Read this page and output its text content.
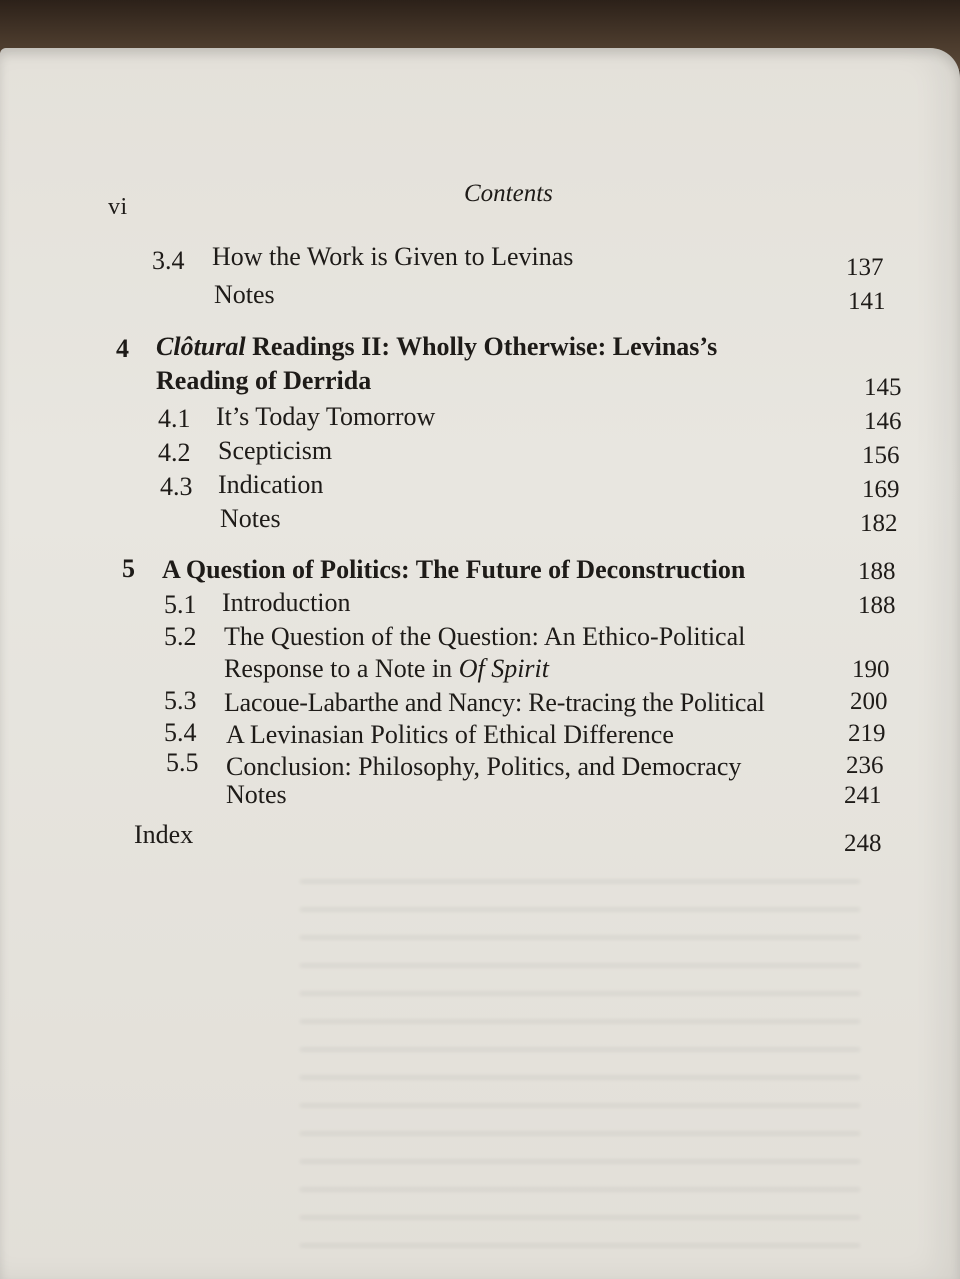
vi	Contents
3.4 How the Work is Given to Levinas	137
Notes	141
4 Clôtural Readings II: Wholly Otherwise: Levinas’s
Reading of Derrida	145
4.1 It’s Today Tomorrow	146
4.2 Scepticism	156
4.3 Indication	169
Notes	182
5 A Question of Politics: The Future of Deconstruction	188
5.1 Introduction	188
5.2 The Question of the Question: An Ethico-Political
Response to a Note in Of Spirit	190
5.3 Lacoue-Labarthe and Nancy: Re-tracing the Political	200
5.4 A Levinasian Politics of Ethical Difference	219
5.5 Conclusion: Philosophy, Politics, and Democracy	236
Notes	241
Index	248
